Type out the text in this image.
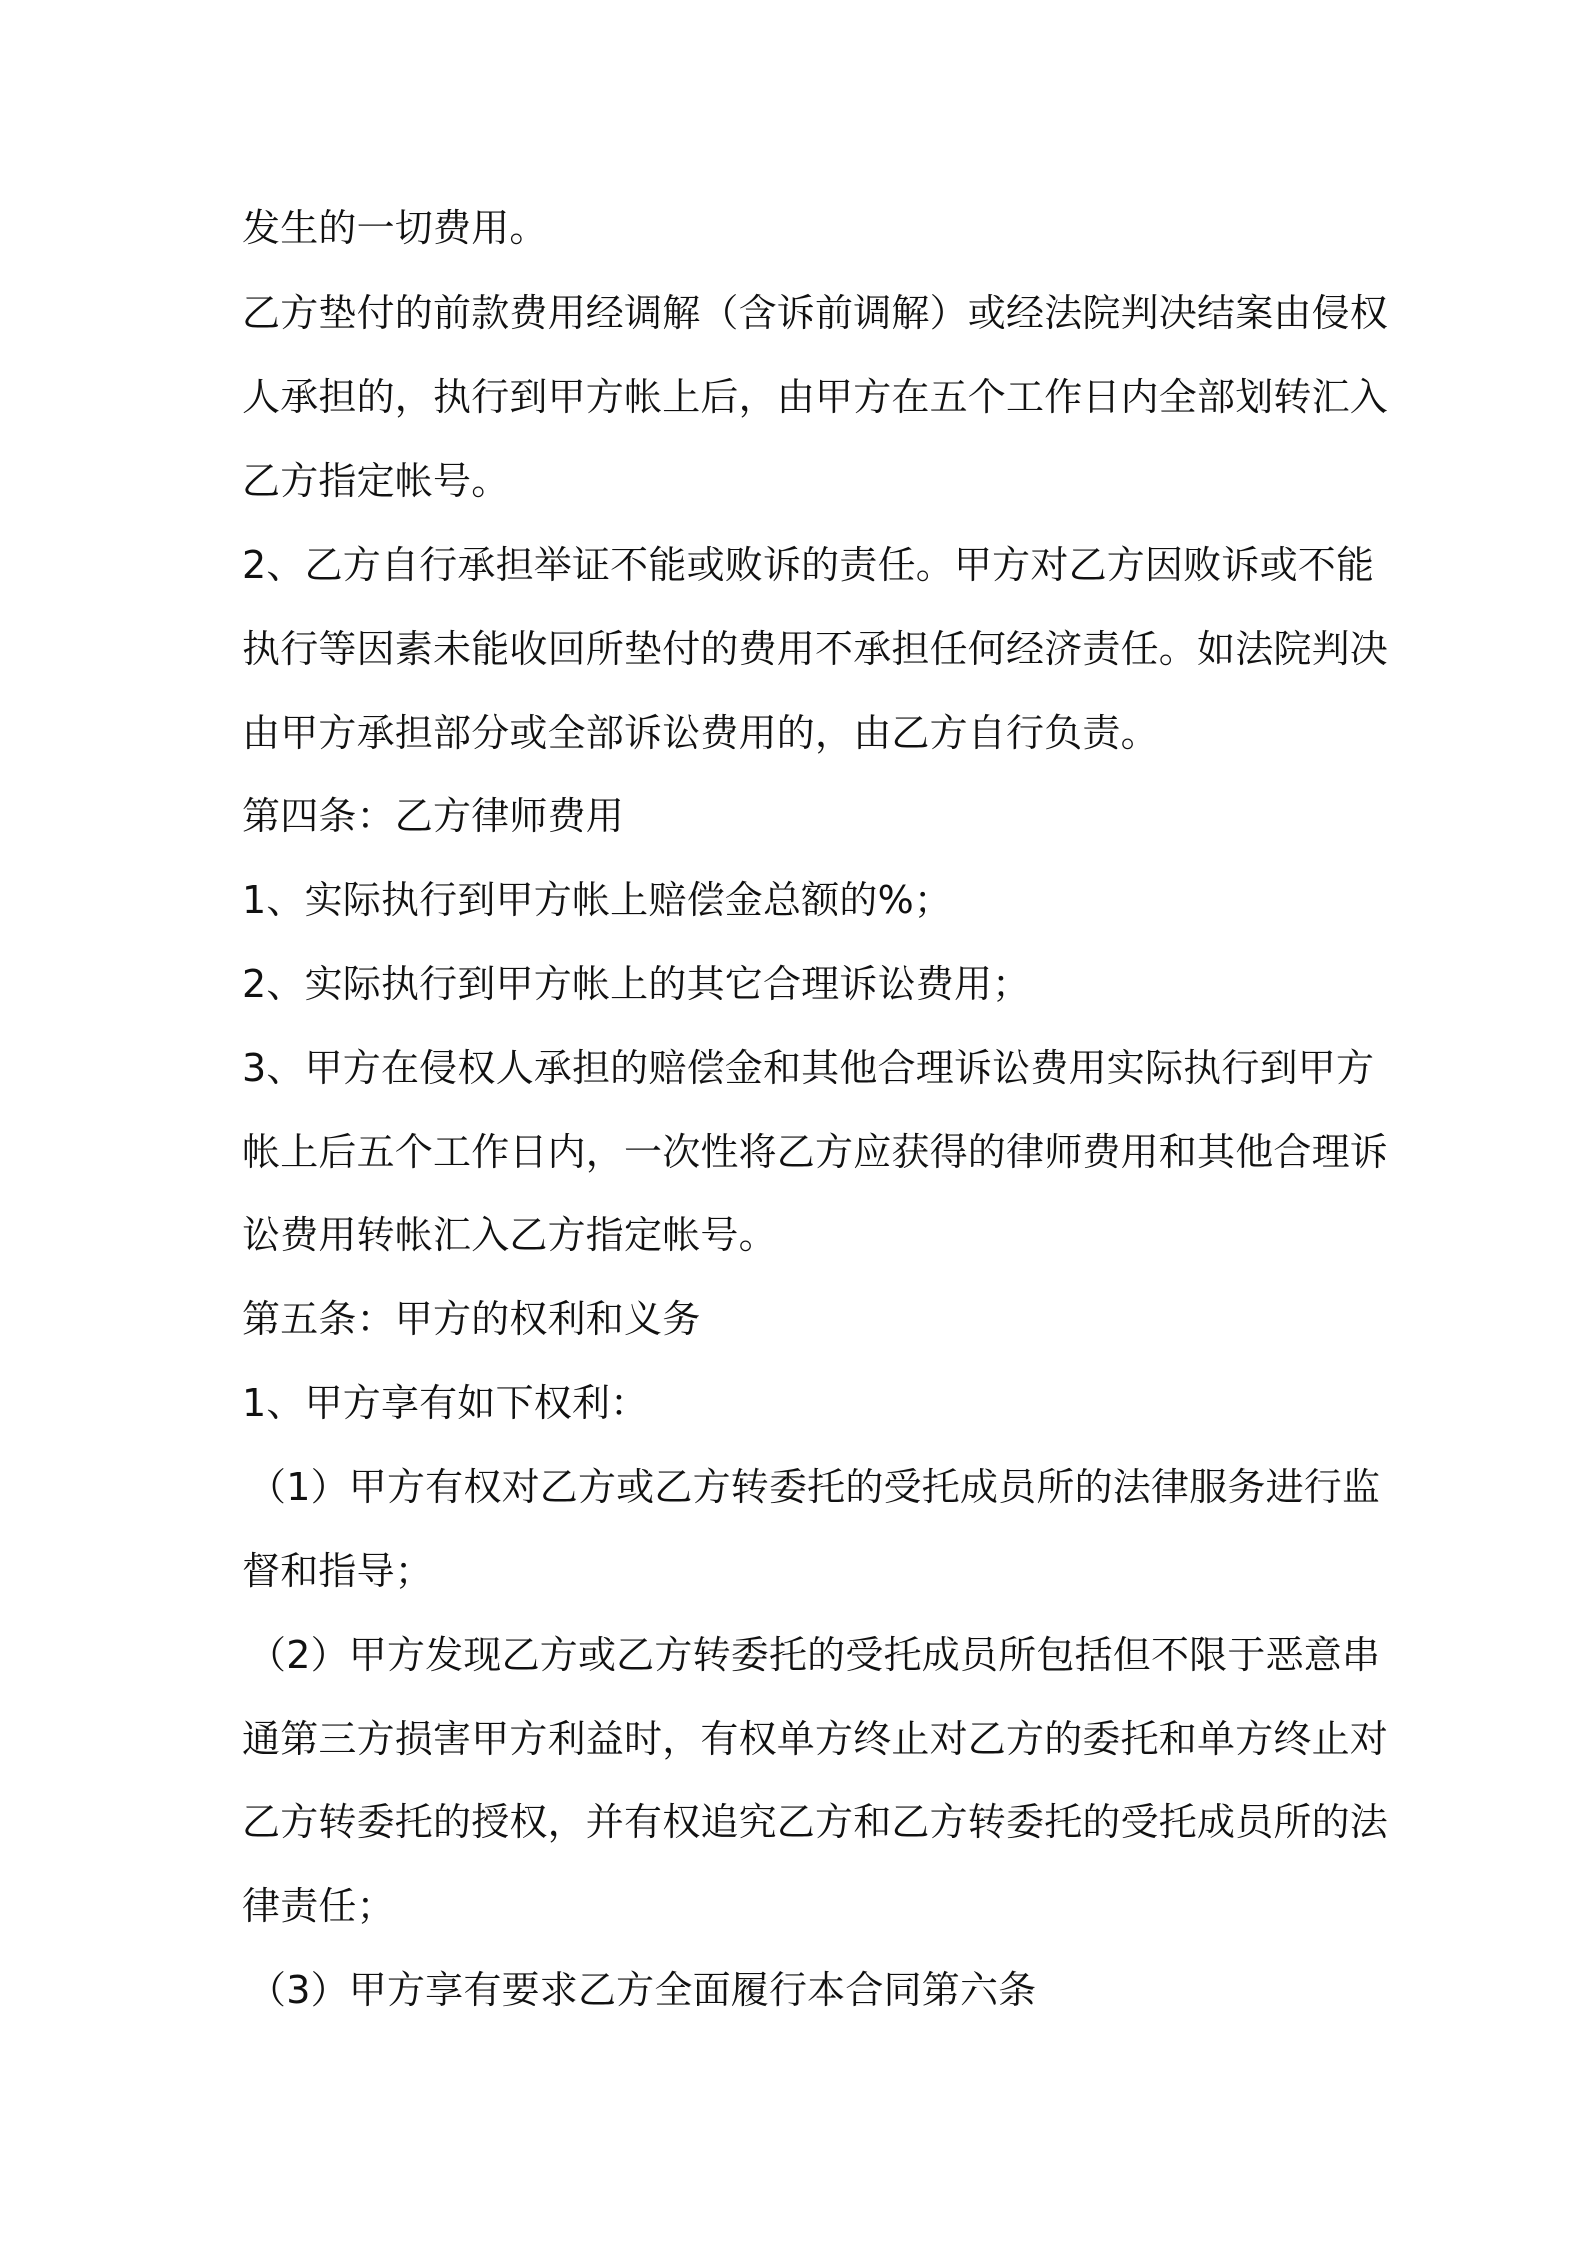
发生的一切费用。
乙方垫付的前款费用经调解（含诉前调解）或经法院判决结案由侵权
人承担的，执行到甲方帐上后，由甲方在五个工作日内全部划转汇入
乙方指定帐号。
2、乙方自行承担举证不能或败诉的责任。甲方对乙方因败诉或不能
执行等因素未能收回所垫付的费用不承担任何经济责任。如法院判决
由甲方承担部分或全部诉讼费用的，由乙方自行负责。
第四条：乙方律师费用
1、实际执行到甲方帐上赔偿金总额的%；
2、实际执行到甲方帐上的其它合理诉讼费用；
3、甲方在侵权人承担的赔偿金和其他合理诉讼费用实际执行到甲方
帐上后五个工作日内，一次性将乙方应获得的律师费用和其他合理诉
讼费用转帐汇入乙方指定帐号。
第五条：甲方的权利和义务
1、甲方享有如下权利：
（1）甲方有权对乙方或乙方转委托的受托成员所的法律服务进行监
督和指导；
（2）甲方发现乙方或乙方转委托的受托成员所包括但不限于恶意串
通第三方损害甲方利益时，有权单方终止对乙方的委托和单方终止对
乙方转委托的授权，并有权追究乙方和乙方转委托的受托成员所的法
律责任；
（3）甲方享有要求乙方全面履行本合同第六条
